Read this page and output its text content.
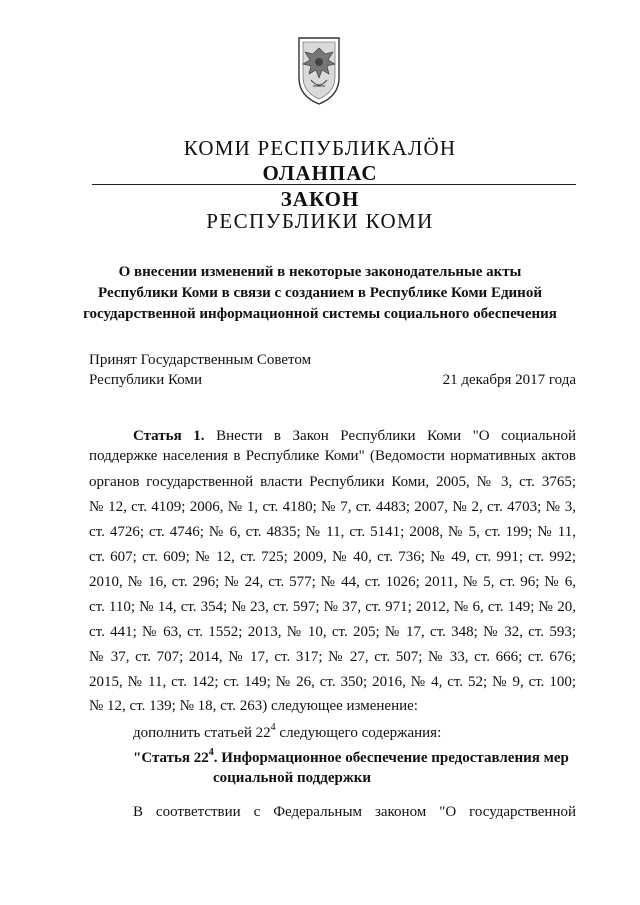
КОМИ РЕСПУБЛИКАЛӦН
ОЛАНПАС
ЗАКОН
РЕСПУБЛИКИ КОМИ
О внесении изменений в некоторые законодательные акты
Республики Коми в связи с созданием в Республике Коми Единой
государственной информационной системы социального обеспечения
Принят Государственным Советом
Республики Коми	21 декабря 2017 года
Статья 1. Внести в Закон Республики Коми "О социальной
поддержке населения в Республике Коми" (Ведомости нормативных актов
органов государственной власти Республики Коми, 2005, № 3, ст. 3765;
№ 12, ст. 4109; 2006, № 1, ст. 4180; № 7, ст. 4483; 2007, № 2, ст. 4703; № 3,
ст. 4726; ст. 4746; № 6, ст. 4835; № 11, ст. 5141; 2008, № 5, ст. 199; № 11,
ст. 607; ст. 609; № 12, ст. 725; 2009, № 40, ст. 736; № 49, ст. 991; ст. 992;
2010, № 16, ст. 296; № 24, ст. 577; № 44, ст. 1026; 2011, № 5, ст. 96; № 6,
ст. 110; № 14, ст. 354; № 23, ст. 597; № 37, ст. 971; 2012, № 6, ст. 149; № 20,
ст. 441; № 63, ст. 1552; 2013, № 10, ст. 205; № 17, ст. 348; № 32, ст. 593;
№ 37, ст. 707; 2014, № 17, ст. 317; № 27, ст. 507; № 33, ст. 666; ст. 676;
2015, № 11, ст. 142; ст. 149; № 26, ст. 350; 2016, № 4, ст. 52; № 9, ст. 100;
№ 12, ст. 139; № 18, ст. 263) следующее изменение:
дополнить статьей $22^4$ следующего содержания:
"Статья $22^4$. Информационное обеспечение предоставления мер
социальной поддержки
В соответствии с Федеральным законом "О государственной
